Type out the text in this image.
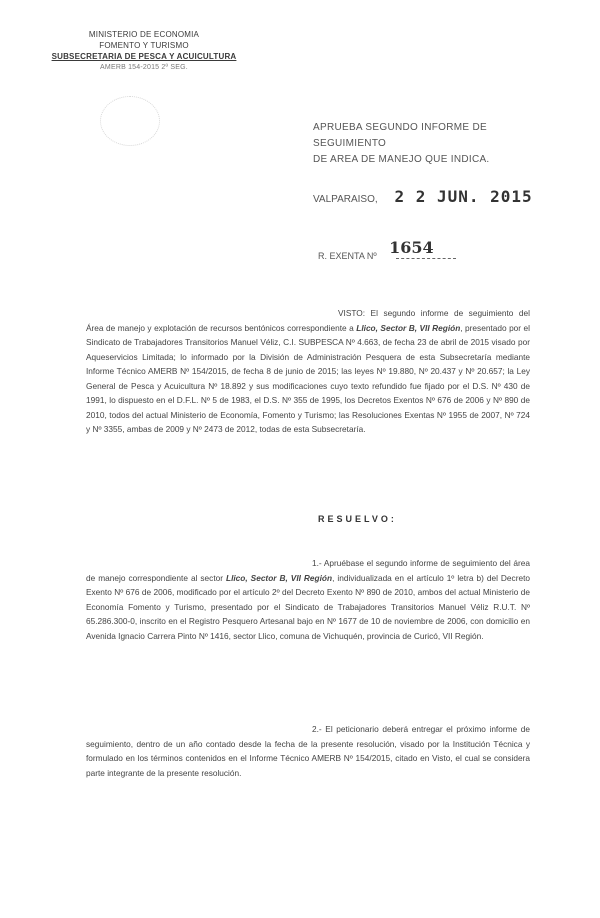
MINISTERIO DE ECONOMIA
FOMENTO Y TURISMO
SUBSECRETARIA DE PESCA Y ACUICULTURA
AMERB 154-2015 2º SEG.
APRUEBA SEGUNDO INFORME DE SEGUIMIENTO
DE AREA DE MANEJO QUE INDICA.
VALPARAISO, 2 2 JUN. 2015
R. EXENTA Nº 1654
VISTO: El segundo informe de seguimiento del Área de manejo y explotación de recursos bentónicos correspondiente a Llico, Sector B, VII Región, presentado por el Sindicato de Trabajadores Transitorios Manuel Véliz, C.I. SUBPESCA Nº 4.663, de fecha 23 de abril de 2015 visado por Aqueservicios Limitada; lo informado por la División de Administración Pesquera de esta Subsecretaría mediante Informe Técnico AMERB Nº 154/2015, de fecha 8 de junio de 2015; las leyes Nº 19.880, Nº 20.437 y Nº 20.657; la Ley General de Pesca y Acuicultura Nº 18.892 y sus modificaciones cuyo texto refundido fue fijado por el D.S. Nº 430 de 1991, lo dispuesto en el D.F.L. Nº 5 de 1983, el D.S. Nº 355 de 1995, los Decretos Exentos Nº 676 de 2006 y Nº 890 de 2010, todos del actual Ministerio de Economía, Fomento y Turismo; las Resoluciones Exentas Nº 1955 de 2007, Nº 724 y Nº 3355, ambas de 2009 y Nº 2473 de 2012, todas de esta Subsecretaría.
RESUELVO:
1.- Apruébase el segundo informe de seguimiento del área de manejo correspondiente al sector Llico, Sector B, VII Región, individualizada en el artículo 1º letra b) del Decreto Exento Nº 676 de 2006, modificado por el artículo 2º del Decreto Exento Nº 890 de 2010, ambos del actual Ministerio de Economía Fomento y Turismo, presentado por el Sindicato de Trabajadores Transitorios Manuel Véliz R.U.T. Nº 65.286.300-0, inscrito en el Registro Pesquero Artesanal bajo en Nº 1677 de 10 de noviembre de 2006, con domicilio en Avenida Ignacio Carrera Pinto Nº 1416, sector Llico, comuna de Vichuquén, provincia de Curicó, VII Región.
2.- El peticionario deberá entregar el próximo informe de seguimiento, dentro de un año contado desde la fecha de la presente resolución, visado por la Institución Técnica y formulado en los términos contenidos en el Informe Técnico AMERB Nº 154/2015, citado en Visto, el cual se considera parte integrante de la presente resolución.
